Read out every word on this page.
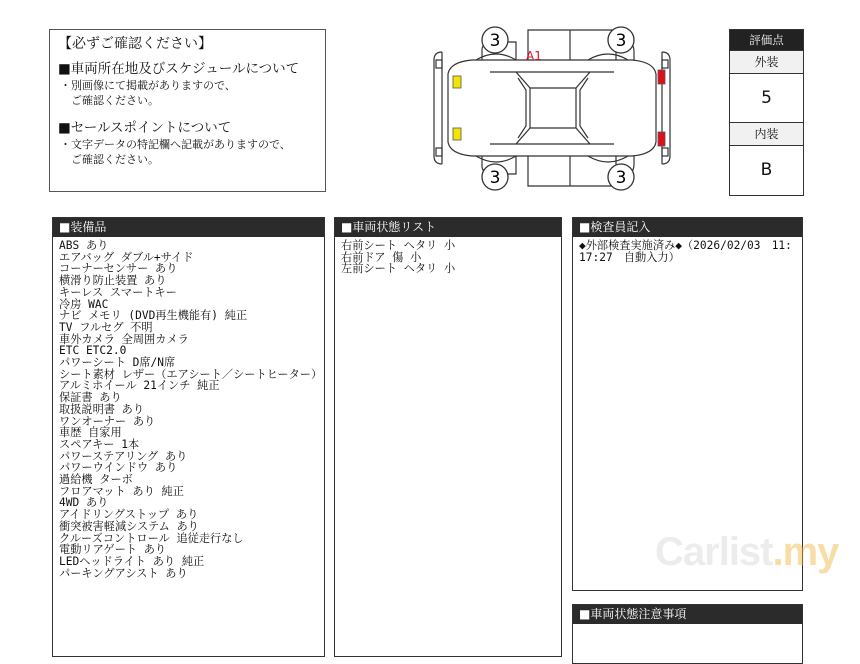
【必ずご確認ください】
■車両所在地及びスケジュールについて
・別画像にて掲載がありますので、
　ご確認ください。
■セールスポイントについて
・文字データの特記欄へ記載がありますので、
　ご確認ください。
3	3
3	3
A1
評価点
外装
5
内装
B
■装備品
ABS あり
エアバッグ ダブル+サイド
コーナーセンサー あり
横滑り防止装置 あり
キーレス スマートキー
冷房 WAC
ナビ メモリ (DVD再生機能有) 純正
TV フルセグ 不明
車外カメラ 全周囲カメラ
ETC ETC2.0
パワーシート D席/N席
シート素材 レザー（エアシート／シートヒーター）
アルミホイール 21インチ 純正
保証書 あり
取扱説明書 あり
ワンオーナー あり
車歴 自家用
スペアキー 1本
パワーステアリング あり
パワーウインドウ あり
過給機 ターボ
フロアマット あり 純正
4WD あり
アイドリングストップ あり
衝突被害軽減システム あり
クルーズコントロール 追従走行なし
電動リアゲート あり
LEDヘッドライト あり 純正
パーキングアシスト あり
■車両状態リスト
右前シート ヘタリ 小
右前ドア 傷 小
左前シート ヘタリ 小
■検査員記入
◆外部検査実施済み◆（2026/02/03　11:17:27　自動入力）
■車両状態注意事項
Carlist.my
